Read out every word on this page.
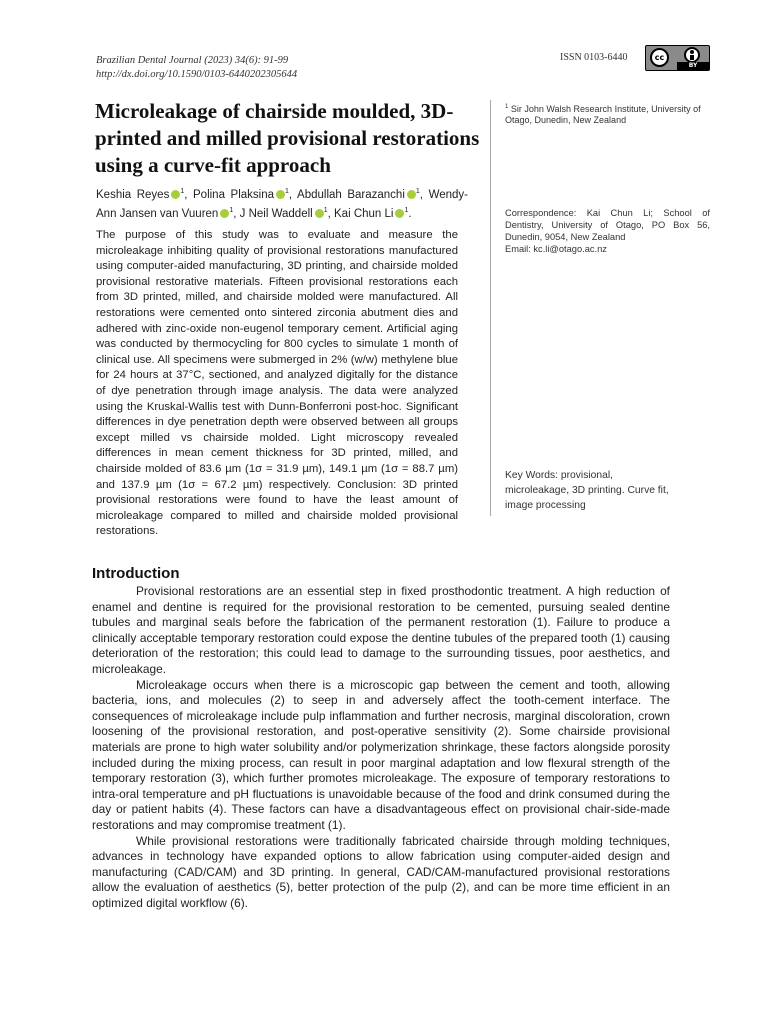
Brazilian Dental Journal (2023) 34(6): 91-99
http://dx.doi.org/10.1590/0103-6440202305644
ISSN 0103-6440	cc
BY
Microleakage of chairside moulded, 3D-printed and milled provisional restorations using a curve-fit approach
Keshia Reyes $^1$, Polina Plaksina $^1$, Abdullah Barazanchi $^1$, Wendy-Ann Jansen van Vuuren $^1$, J Neil Waddell $^1$, Kai Chun Li $^1$.

The purpose of this study was to evaluate and measure the microleakage inhibiting quality of provisional restorations manufactured using computer-aided manufacturing, 3D printing, and chairside molded provisional restorative materials. Fifteen provisional restorations each from 3D printed, milled, and chairside molded were manufactured. All restorations were cemented onto sintered zirconia abutment dies and adhered with zinc-oxide non-eugenol temporary cement. Artificial aging was conducted by thermocycling for 800 cycles to simulate 1 month of clinical use. All specimens were submerged in 2% (w/w) methylene blue for 24 hours at 37°C, sectioned, and analyzed digitally for the distance of dye penetration through image analysis. The data were analyzed using the Kruskal-Wallis test with Dunn-Bonferroni post-hoc. Significant differences in dye penetration depth were observed between all groups except milled vs chairside molded. Light microscopy revealed differences in mean cement thickness for 3D printed, milled, and chairside molded of 83.6 µm (1σ = 31.9 µm), 149.1 µm (1σ = 88.7 µm) and 137.9 µm (1σ = 67.2 µm) respectively. Conclusion: 3D printed provisional restorations were found to have the least amount of microleakage compared to milled and chairside molded provisional restorations.

$^1$ Sir John Walsh Research Institute, University of Otago, Dunedin, New Zealand
Correspondence: Kai Chun Li; School of Dentistry, University of Otago, PO Box 56, Dunedin, 9054, New Zealand
Email: kc.li@otago.ac.nz
Key Words: provisional, microleakage, 3D printing. Curve fit, image processing
Introduction

Provisional restorations are an essential step in fixed prosthodontic treatment. A high reduction of enamel and dentine is required for the provisional restoration to be cemented, pursuing sealed dentine tubules and marginal seals before the fabrication of the permanent restoration (1). Failure to produce a clinically acceptable temporary restoration could expose the dentine tubules of the prepared tooth (1) causing deterioration of the restoration; this could lead to damage to the surrounding tissues, poor aesthetics, and microleakage.

Microleakage occurs when there is a microscopic gap between the cement and tooth, allowing bacteria, ions, and molecules (2) to seep in and adversely affect the tooth-cement interface. The consequences of microleakage include pulp inflammation and further necrosis, marginal discoloration, crown loosening of the provisional restoration, and post-operative sensitivity (2). Some chairside provisional materials are prone to high water solubility and/or polymerization shrinkage, these factors alongside porosity included during the mixing process, can result in poor marginal adaptation and low flexural strength of the temporary restoration (3), which further promotes microleakage. The exposure of temporary restorations to intra-oral temperature and pH fluctuations is unavoidable because of the food and drink consumed during the day or patient habits (4). These factors can have a disadvantageous effect on provisional chair-side-made restorations and may compromise treatment (1).

While provisional restorations were traditionally fabricated chairside through molding techniques, advances in technology have expanded options to allow fabrication using computer-aided design and manufacturing (CAD/CAM) and 3D printing. In general, CAD/CAM-manufactured provisional restorations allow the evaluation of aesthetics (5), better protection of the pulp (2), and can be more time efficient in an optimized digital workflow (6).
